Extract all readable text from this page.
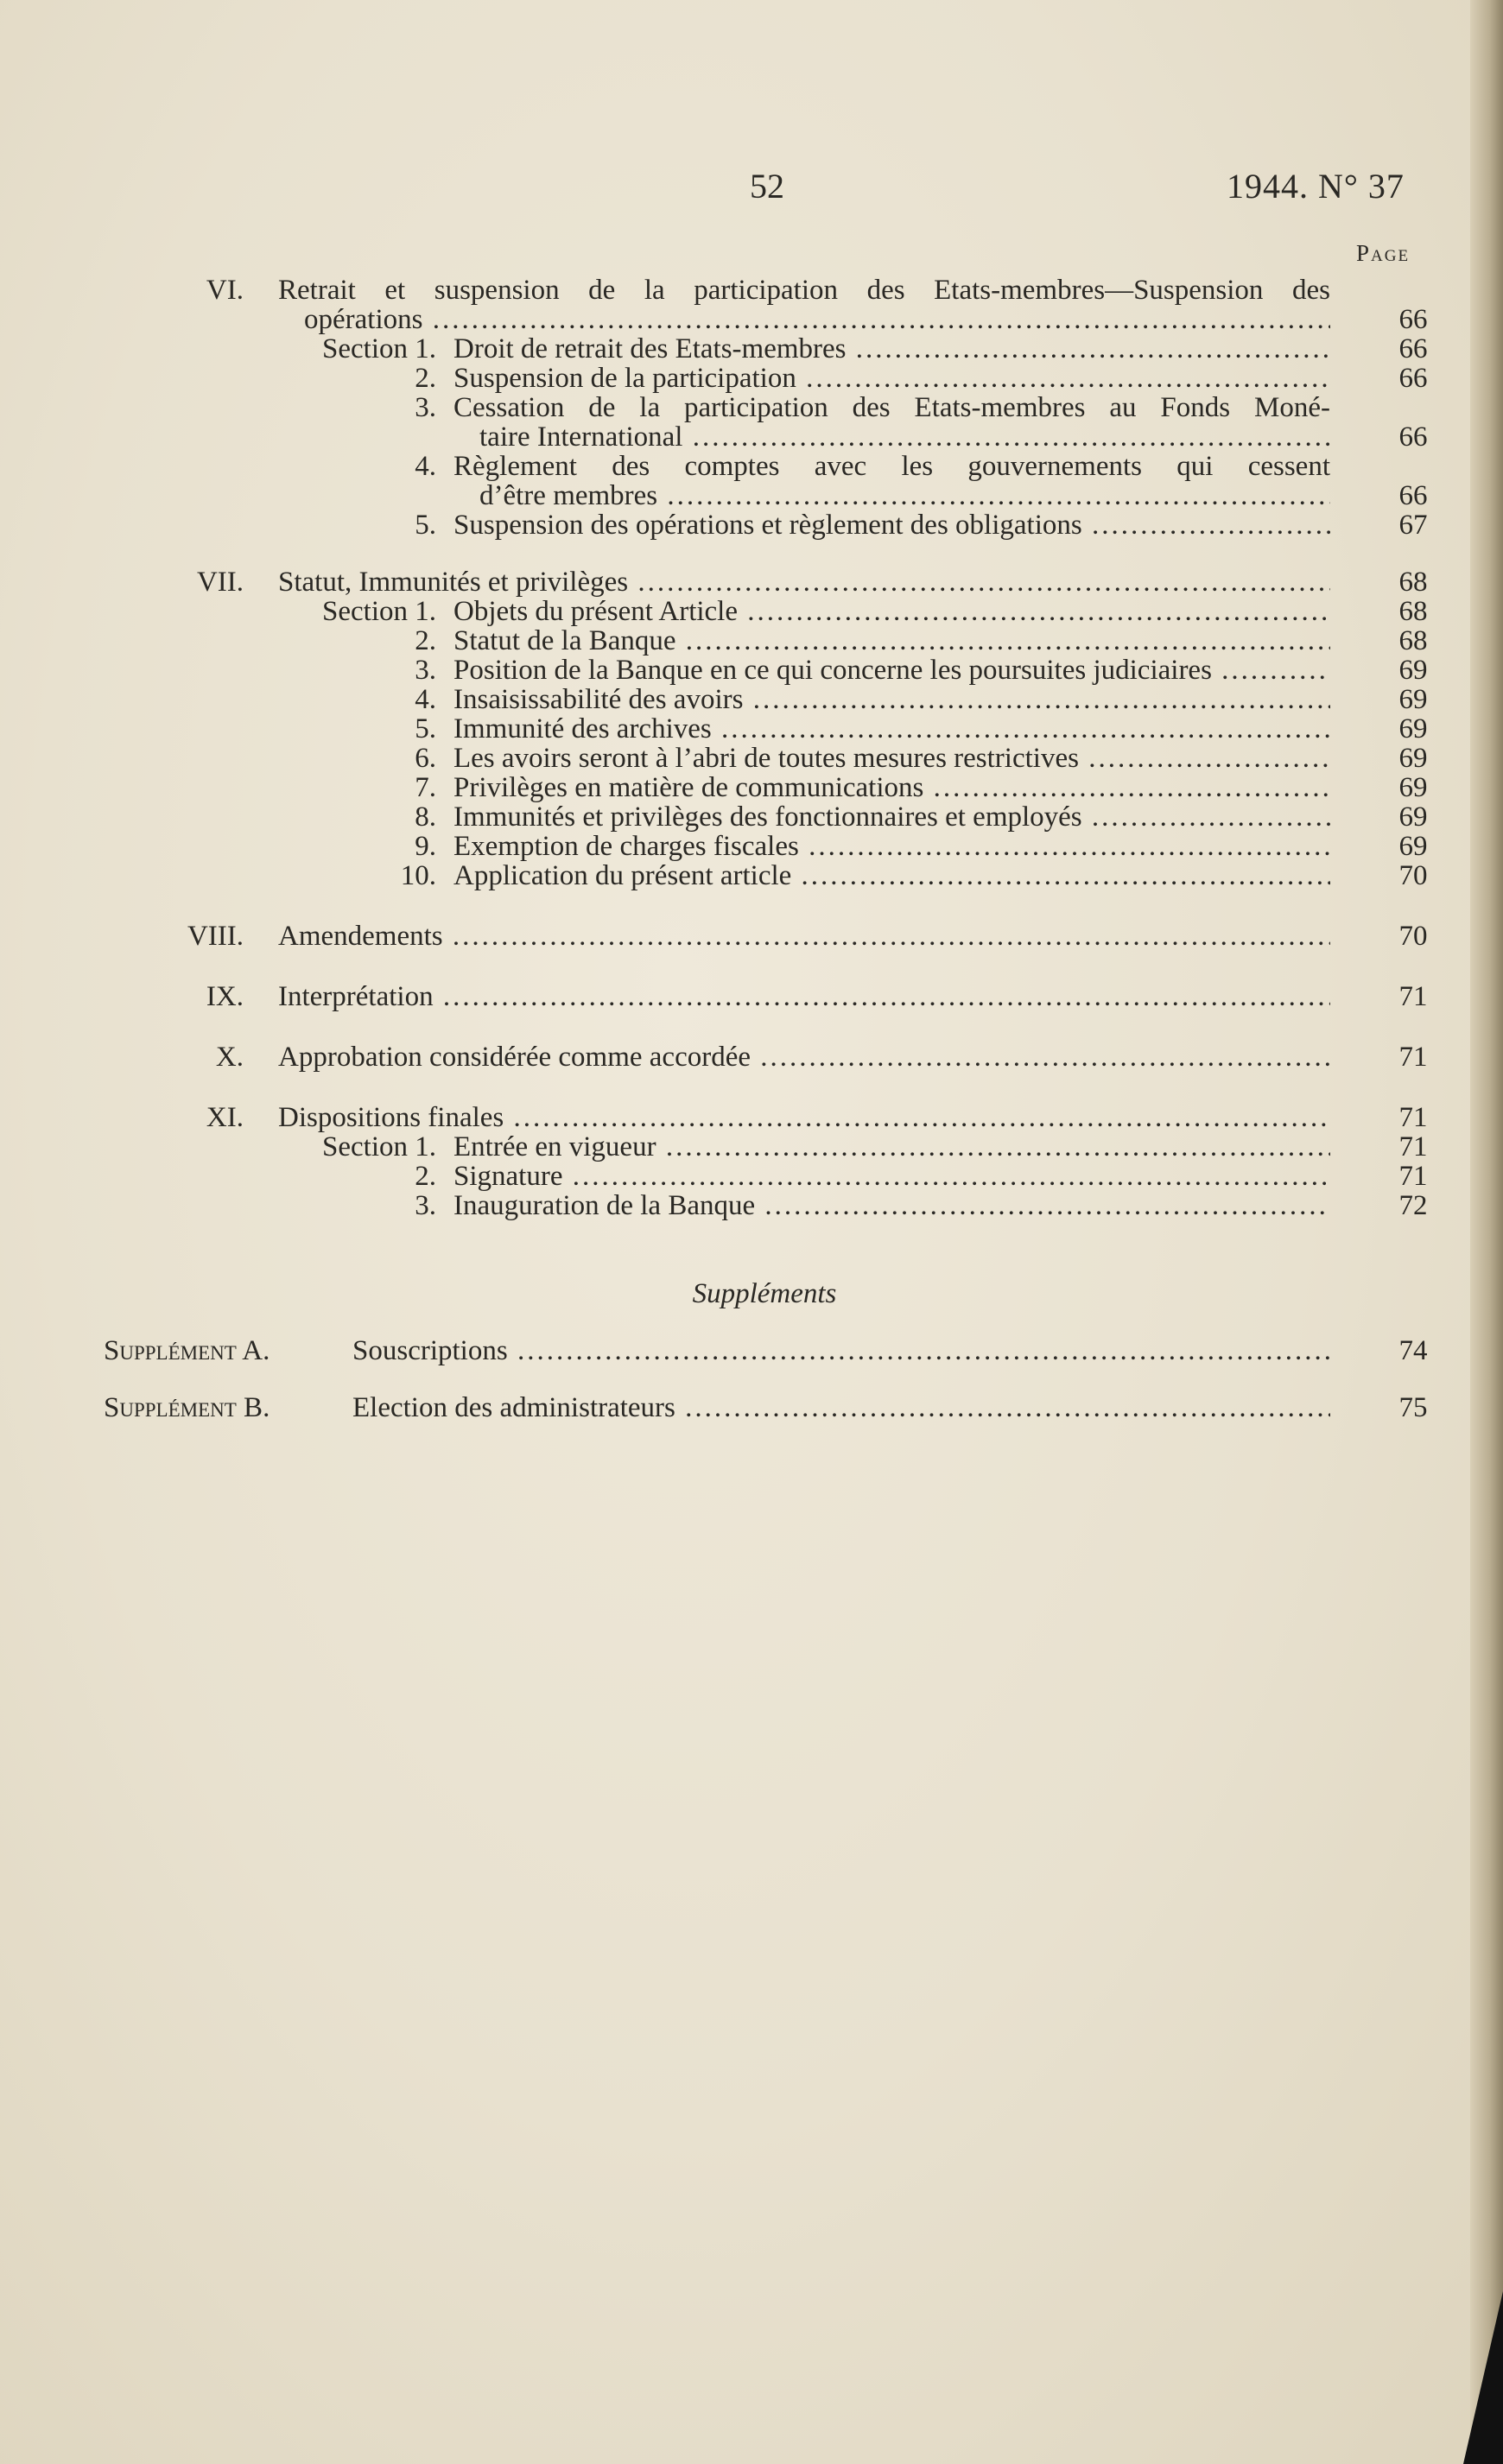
52	1944. N° 37
Page
VI. Retrait et suspension de la participation des Etats-membres—Suspension des
opérations .....	66
Section 1. Droit de retrait des Etats-membres .....	66
2. Suspension de la participation .....	66
3. Cessation de la participation des Etats-membres au Fonds Moné-
taire International .....	66
4. Règlement des comptes avec les gouvernements qui cessent
d’être membres .....	66
5. Suspension des opérations et règlement des obligations .....	67
VII. Statut, Immunités et privilèges .....	68
Section 1. Objets du présent Article .....	68
2. Statut de la Banque .....	68
3. Position de la Banque en ce qui concerne les poursuites judiciaires .....	69
4. Insaisissabilité des avoirs .....	69
5. Immunité des archives .....	69
6. Les avoirs seront à l’abri de toutes mesures restrictives .....	69
7. Privilèges en matière de communications .....	69
8. Immunités et privilèges des fonctionnaires et employés .....	69
9. Exemption de charges fiscales .....	69
10. Application du présent article .....	70
VIII. Amendements .....	70
IX. Interprétation .....	71
X. Approbation considérée comme accordée .....	71
XI. Dispositions finales .....	71
Section 1. Entrée en vigueur .....	71
2. Signature .....	71
3. Inauguration de la Banque .....	72
Suppléments
Supplément A.	Souscriptions .....	74
Supplément B.	Election des administrateurs .....	75
